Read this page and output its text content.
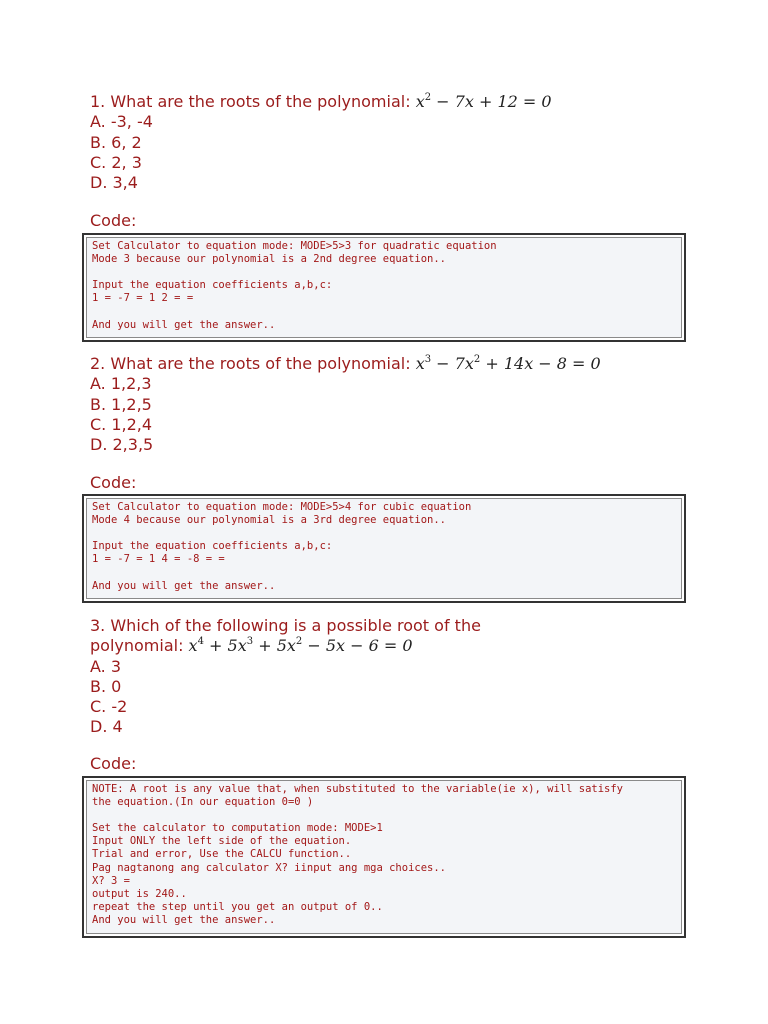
1. What are the roots of the polynomial: $x^2 - 7x + 12 = 0$
A. -3, -4
B. 6, 2
C. 2, 3
D. 3,4
Code:
Set Calculator to equation mode: MODE>5>3 for quadratic equation
Mode 3 because our polynomial is a 2nd degree equation..
Input the equation coefficients a,b,c:
1 = -7 = 1 2 = =
And you will get the answer..
2. What are the roots of the polynomial: $x^3 - 7x^2 + 14x - 8 = 0$
A. 1,2,3
B. 1,2,5
C. 1,2,4
D. 2,3,5
Code:
Set Calculator to equation mode: MODE>5>4 for cubic equation
Mode 4 because our polynomial is a 3rd degree equation..
Input the equation coefficients a,b,c:
1 = -7 = 1 4 = -8 = =
And you will get the answer..
3. Which of the following is a possible root of the
polynomial: $x^4 + 5x^3 + 5x^2 - 5x - 6 = 0$
A. 3
B. 0
C. -2
D. 4
Code:
NOTE: A root is any value that, when substituted to the variable(ie x), will satisfy
the equation.(In our equation 0=0 )
Set the calculator to computation mode: MODE>1
Input ONLY the left side of the equation.
Trial and error, Use the CALCU function..
Pag nagtanong ang calculator X? iinput ang mga choices..
X? 3 =
output is 240..
repeat the step until you get an output of 0..
And you will get the answer..
